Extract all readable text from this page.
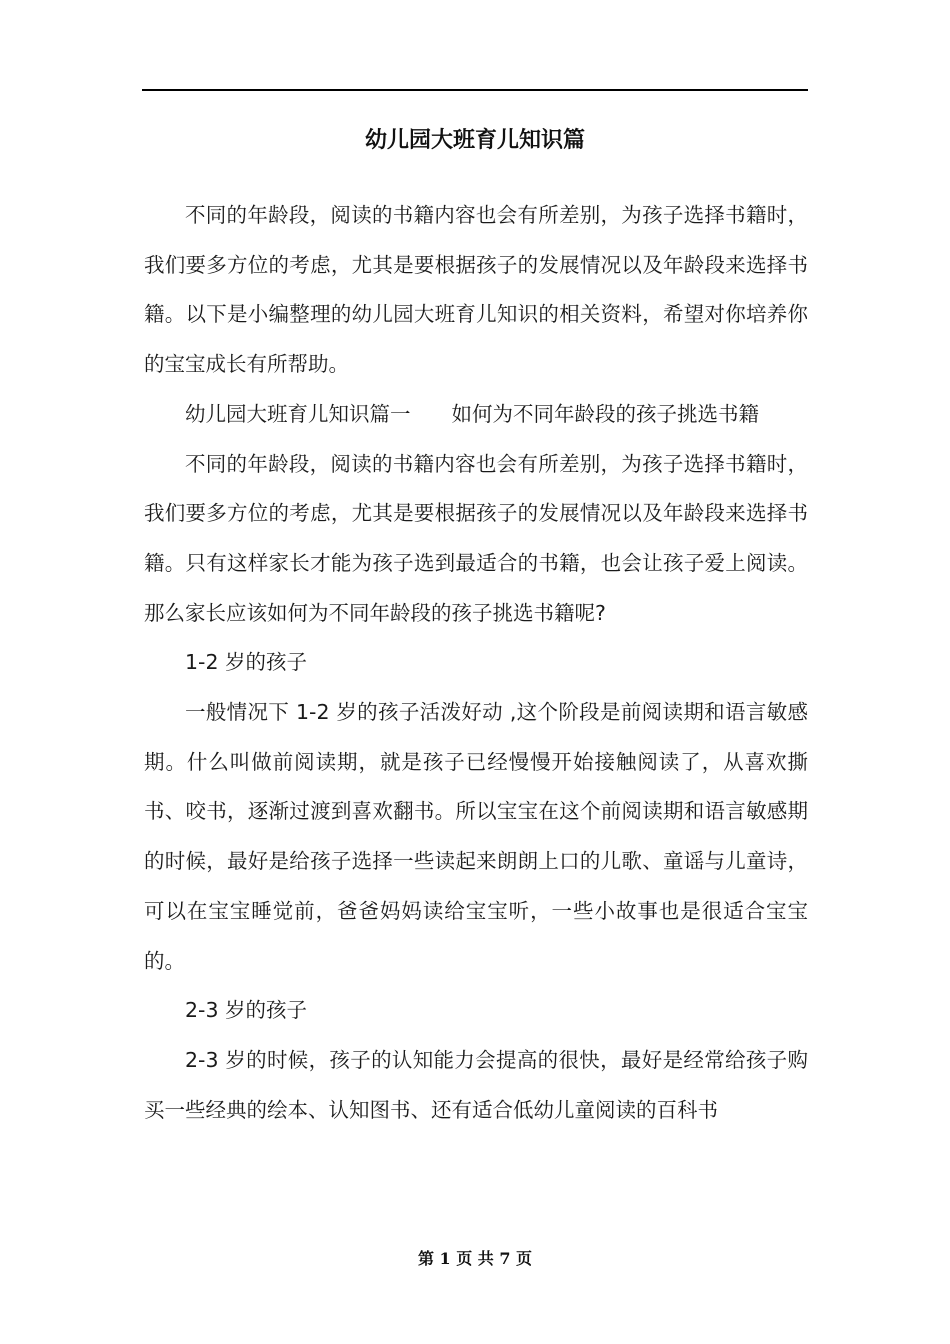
幼儿园大班育儿知识篇

不同的年龄段，阅读的书籍内容也会有所差别，为孩子选择书籍时，我们要多方位的考虑，尤其是要根据孩子的发展情况以及年龄段来选择书籍。以下是小编整理的幼儿园大班育儿知识的相关资料，希望对你培养你的宝宝成长有所帮助。

幼儿园大班育儿知识篇一　　如何为不同年龄段的孩子挑选书籍

不同的年龄段，阅读的书籍内容也会有所差别，为孩子选择书籍时，我们要多方位的考虑，尤其是要根据孩子的发展情况以及年龄段来选择书籍。只有这样家长才能为孩子选到最适合的书籍，也会让孩子爱上阅读。那么家长应该如何为不同年龄段的孩子挑选书籍呢?

1-2 岁的孩子

一般情况下 1-2 岁的孩子活泼好动 ,这个阶段是前阅读期和语言敏感期。什么叫做前阅读期，就是孩子已经慢慢开始接触阅读了，从喜欢撕书、咬书，逐渐过渡到喜欢翻书。所以宝宝在这个前阅读期和语言敏感期的时候，最好是给孩子选择一些读起来朗朗上口的儿歌、童谣与儿童诗，可以在宝宝睡觉前，爸爸妈妈读给宝宝听，一些小故事也是很适合宝宝的。

2-3 岁的孩子

2-3 岁的时候，孩子的认知能力会提高的很快，最好是经常给孩子购买一些经典的绘本、认知图书、还有适合低幼儿童阅读的百科书

第 1 页 共 7 页
